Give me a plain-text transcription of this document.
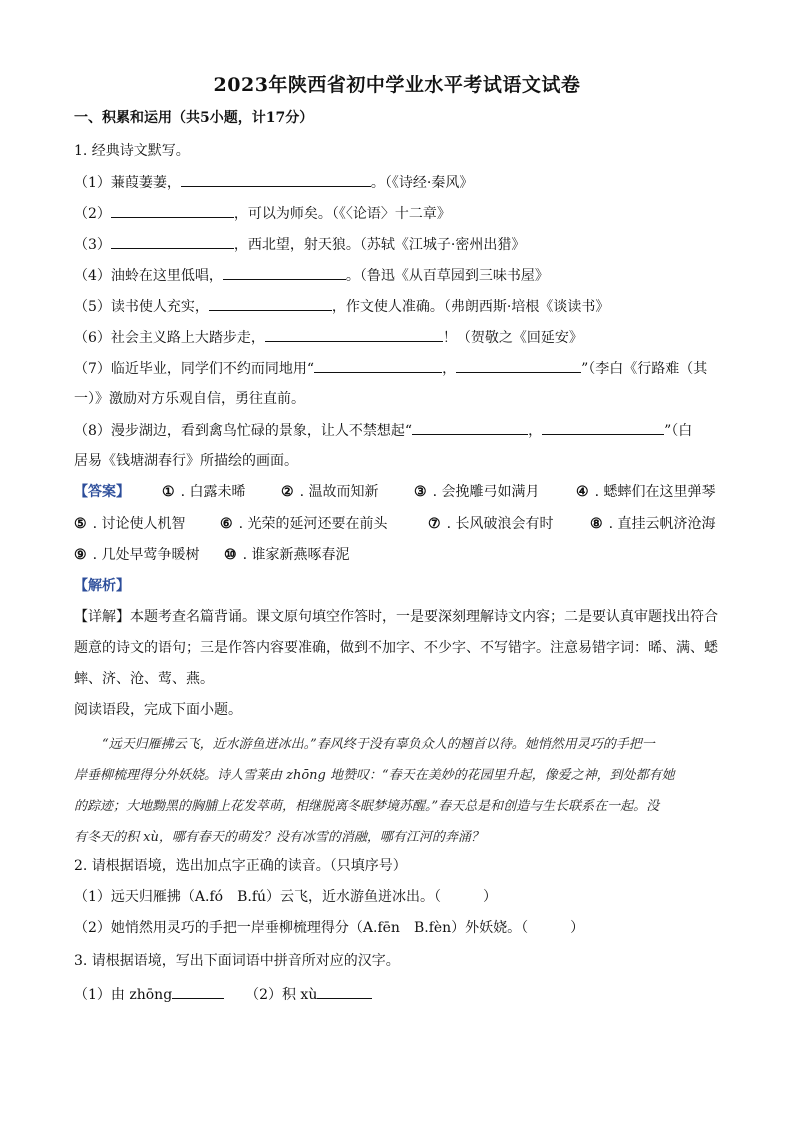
2023年陕西省初中学业水平考试语文试卷
一、积累和运用（共5小题，计17分）
1. 经典诗文默写。
（1）蒹葭萋萋，	。（《诗经·秦风》
（2）	，可以为师矣。（《〈论语〉十二章》
（3）	，西北望，射天狼。（苏轼《江城子·密州出猎》
（4）油蛉在这里低唱，	。（鲁迅《从百草园到三味书屋》
（5）读书使人充实，	，作文使人准确。（弗朗西斯·培根《谈读书》
（6）社会主义路上大踏步走，	！（贺敬之《回延安》
（7）临近毕业，同学们不约而同地用“	，	”（李白《行路难（其
一）》激励对方乐观自信，勇往直前。
（8）漫步湖边，看到禽鸟忙碌的景象，让人不禁想起“	，	”（白
居易《钱塘湖春行》所描绘的画面。
【答案】 ① . 白露未晞	② . 温故而知新	③ . 会挽雕弓如满月	④ . 蟋蟀们在这里弹琴
⑤ . 讨论使人机智 ⑥ . 光荣的延河还要在前头	⑦ . 长风破浪会有时	⑧ . 直挂云帆济沧海
⑨ . 几处早莺争暖树 ⑩ . 谁家新燕啄春泥
【解析】
【详解】本题考查名篇背诵。课文原句填空作答时，一是要深刻理解诗文内容；二是要认真审题找出符合
题意的诗文的语句；三是作答内容要准确，做到不加字、不少字、不写错字。注意易错字词：晞、满、蟋
蟀、济、沧、莺、燕。
阅读语段，完成下面小题。
“远天归雁拂云飞，近水游鱼迸冰出。”春风终于没有辜负众人的翘首以待。她悄然用灵巧的手把一
岸垂柳梳理得分外妖娆。诗人雪莱由 zhōng 地赞叹：“春天在美妙的花园里升起，像爱之神，到处都有她
的踪迹；大地黝黑的胸脯上花发萃萌，相继脱离冬眠梦境苏醒。”春天总是和创造与生长联系在一起。没
有冬天的积 xù，哪有春天的萌发？没有冰雪的消融，哪有江河的奔涌？
2. 请根据语境，选出加点字正确的读音。（只填序号）
（1）远天归雁拂（A.fó　B.fú）云飞，近水游鱼迸冰出。（　　　）
（2）她悄然用灵巧的手把一岸垂柳梳理得分（A.fēn　B.fèn）外妖娆。（　　　）
3. 请根据语境，写出下面词语中拼音所对应的汉字。
（1）由 zhōng	（2）积 xù
